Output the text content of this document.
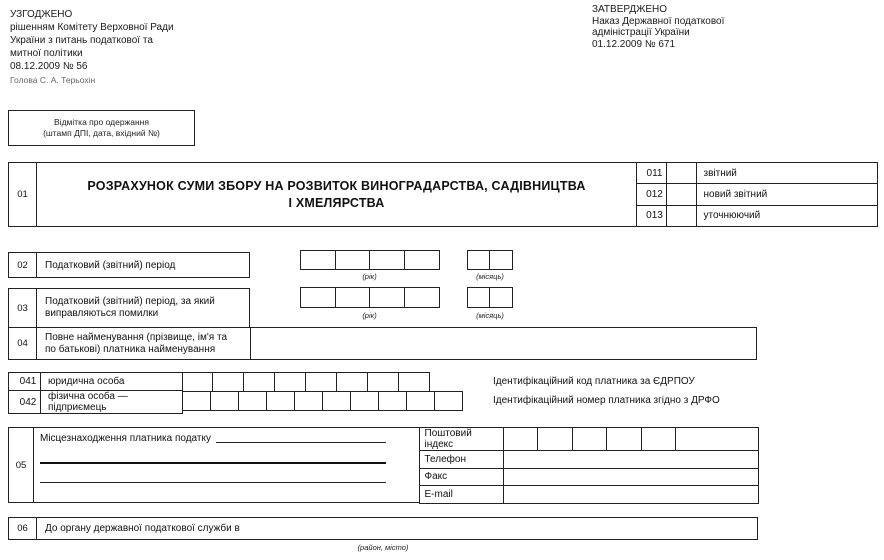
УЗГОДЖЕНО
рішенням Комітету Верховної Ради
України з питань податкової та
митної політики
08.12.2009 № 56
Голова С. А. Терьохін
ЗАТВЕРДЖЕНО
Наказ Державної податкової
адміністрації України
01.12.2009 № 671
Відмітка про одержання
(штамп ДПІ, дата, вхідний №)
01
РОЗРАХУНОК СУМИ ЗБОРУ НА РОЗВИТОК ВИНОГРАДАРСТВА, САДІВНИЦТВА
І ХМЕЛЯРСТВА
011		звітний
012		новий звітний
013		уточнюючий
02	Податковий (звітний) період
(рік)	(місяць)
03
Податковий (звітний) період, за який
виправляються помилки	(рік)	(місяць)
04
Повне найменування (прізвище, ім'я та
по батькові) платника найменування
041	юридична особа
042	фізична особа — підприємець
Ідентифікаційний код платника за ЄДРПОУ
Ідентифікаційний номер платника згідно з ДРФО
05
Місцезнаходження платника податку	Поштовий індекс						
Телефон						
Факс						
E-mail						
06	До органу державної податкової служби в
(район, місто)
